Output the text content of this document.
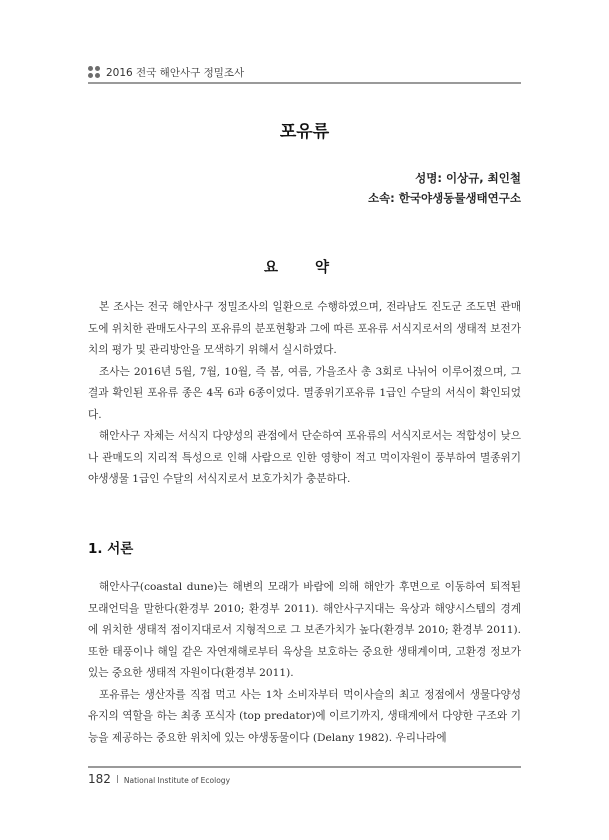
2016 전국 해안사구 정밀조사
포유류
성명: 이상규, 최인철
소속: 한국야생동물생태연구소
요 약

본 조사는 전국 해안사구 정밀조사의 일환으로 수행하였으며, 전라남도 진도군 조도면 관매도에 위치한 관매도사구의 포유류의 분포현황과 그에 따른 포유류 서식지로서의 생태적 보전가치의 평가 및 관리방안을 모색하기 위해서 실시하였다.

조사는 2016년 5월, 7월, 10월, 즉 봄, 여름, 가을조사 총 3회로 나뉘어 이루어졌으며, 그 결과 확인된 포유류 종은 4목 6과 6종이었다. 멸종위기포유류 1급인 수달의 서식이 확인되었다.

해안사구 자체는 서식지 다양성의 관점에서 단순하여 포유류의 서식지로서는 적합성이 낮으나 관매도의 지리적 특성으로 인해 사람으로 인한 영향이 적고 먹이자원이 풍부하여 멸종위기야생생물 1급인 수달의 서식지로서 보호가치가 충분하다.

1. 서론

해안사구(coastal dune)는 해변의 모래가 바람에 의해 해안가 후면으로 이동하여 퇴적된 모래언덕을 말한다(환경부 2010; 환경부 2011). 해안사구지대는 육상과 해양시스템의 경계에 위치한 생태적 점이지대로서 지형적으로 그 보존가치가 높다(환경부 2010; 환경부 2011). 또한 태풍이나 해일 같은 자연재해로부터 육상을 보호하는 중요한 생태계이며, 고환경 정보가 있는 중요한 생태적 자원이다(환경부 2011).

포유류는 생산자를 직접 먹고 사는 1차 소비자부터 먹이사슬의 최고 정점에서 생물다양성 유지의 역할을 하는 최종 포식자 (top predator)에 이르기까지, 생태계에서 다양한 구조와 기능을 제공하는 중요한 위치에 있는 야생동물이다 (Delany 1982). 우리나라에

182 National Institute of Ecology
